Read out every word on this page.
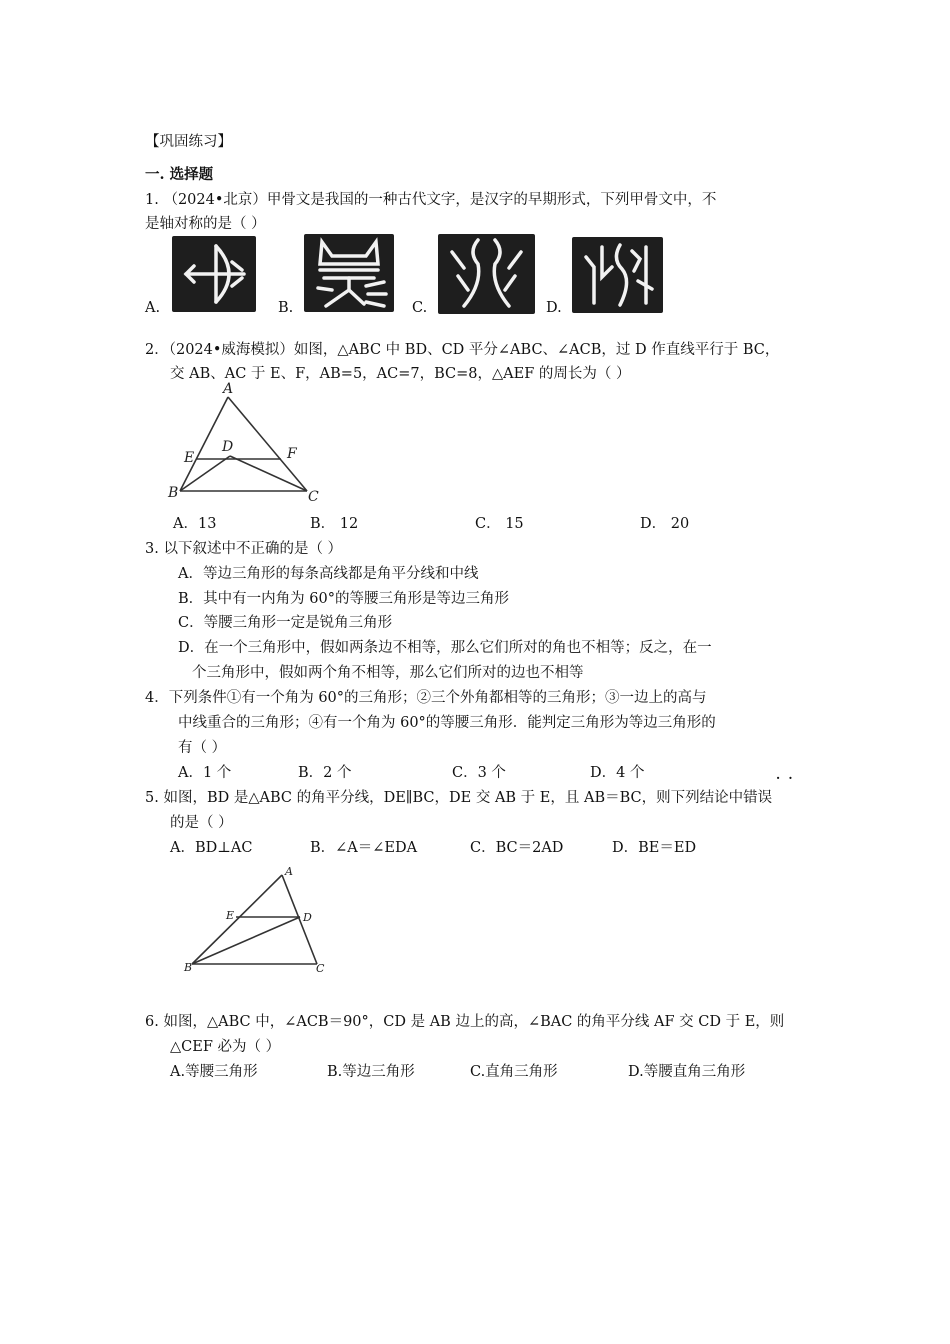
【巩固练习】
一. 选择题
1. （2024•北京）甲骨文是我国的一种古代文字，是汉字的早期形式，下列甲骨文中，不
是轴对称的是（ ）
A.	B.	C.	D.
2．（2024•威海模拟）如图，△ABC 中 BD、CD 平分∠ABC、∠ACB，过 D 作直线平行于 BC，
交 AB、AC 于 E、F，AB=5，AC=7，BC=8，△AEF 的周长为（ ）
A
D
E	F
B	C
A．13	B． 12	C． 15	D． 20
3. 以下叙述中不正确的是（ ）
A．等边三角形的每条高线都是角平分线和中线
B．其中有一内角为 60°的等腰三角形是等边三角形
C．等腰三角形一定是锐角三角形
D．在一个三角形中，假如两条边不相等，那么它们所对的角也不相等；反之，在一
个三角形中，假如两个角不相等，那么它们所对的边也不相等
4．下列条件①有一个角为 60°的三角形；②三个外角都相等的三角形；③一边上的高与
中线重合的三角形；④有一个角为 60°的等腰三角形．能判定三角形为等边三角形的
有（ ）
A．1 个	B．2 个	C．3 个	D．4 个	. .
5. 如图，BD 是△ABC 的角平分线，DE∥BC，DE 交 AB 于 E，且 AB＝BC，则下列结论中错误
的是（ ）
A．BD⊥AC	B．∠A＝∠EDA	C．BC＝2AD	D．BE＝ED
A
E	D
B	C
6. 如图，△ABC 中，∠ACB＝90°，CD 是 AB 边上的高，∠BAC 的角平分线 AF 交 CD 于 E，则
△CEF 必为（ ）
A.等腰三角形	B.等边三角形	C.直角三角形	D.等腰直角三角形
